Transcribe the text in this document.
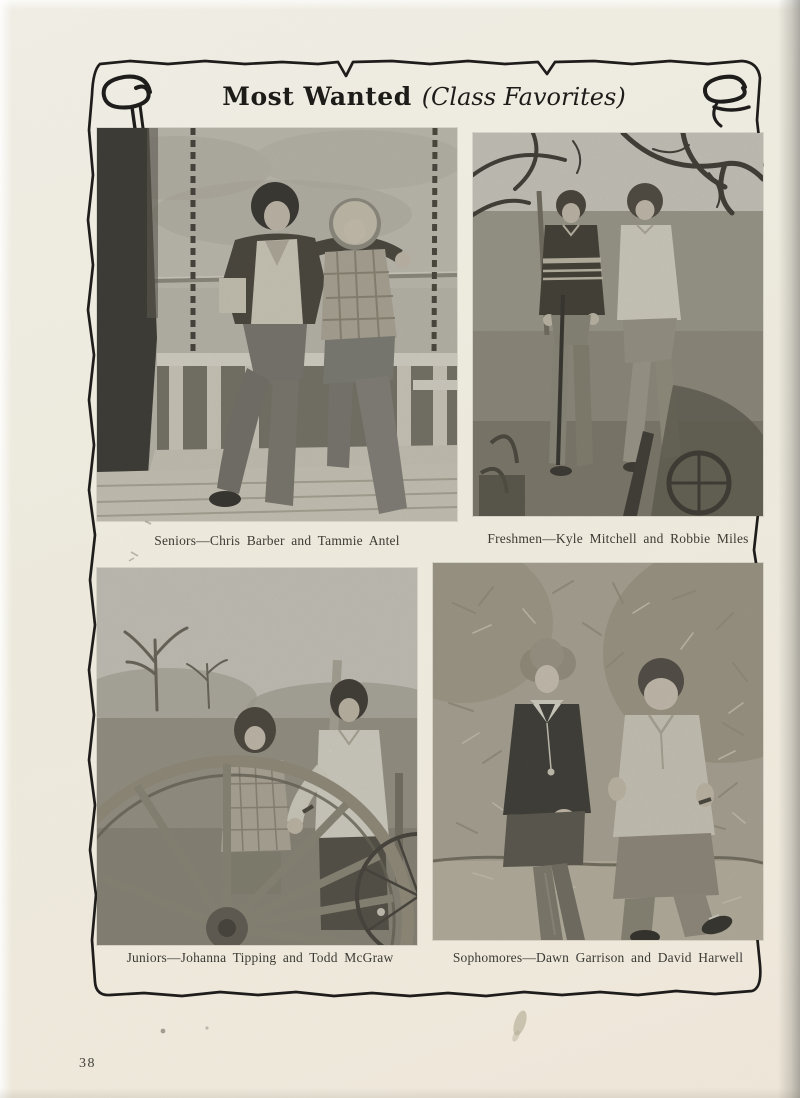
Most Wanted (Class Favorites)
Seniors—Chris Barber and Tammie Antel	Freshmen—Kyle Mitchell and Robbie Miles
Juniors—Johanna Tipping and Todd McGraw	Sophomores—Dawn Garrison and David Harwell
38
